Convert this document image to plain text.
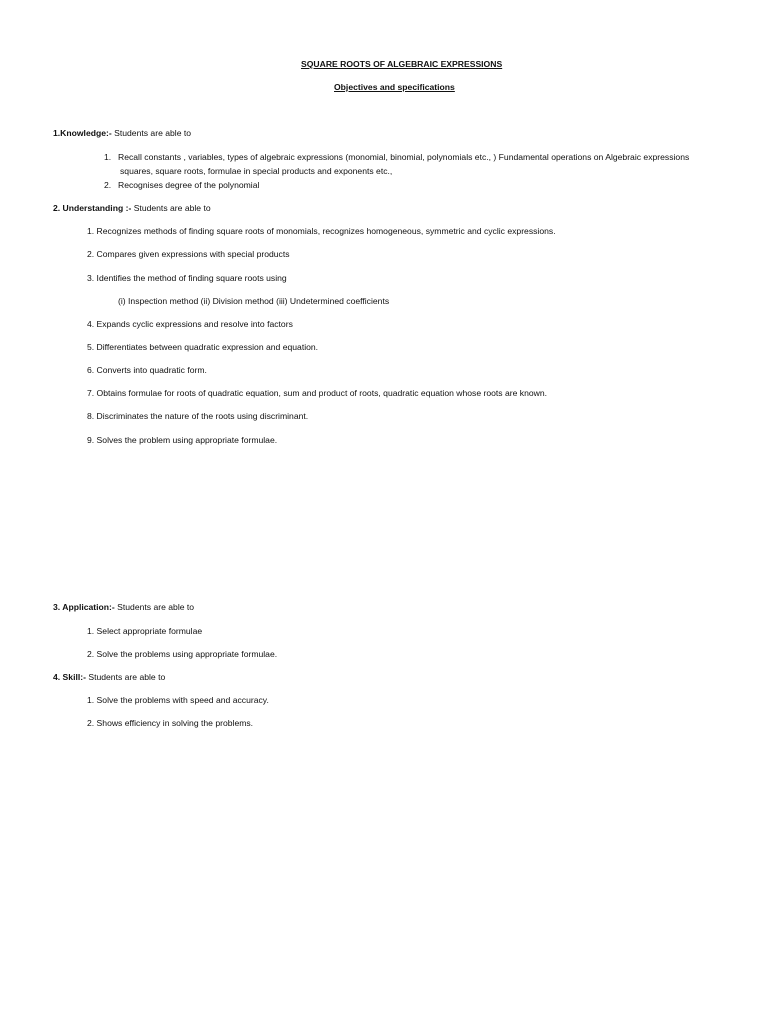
SQUARE ROOTS OF ALGEBRAIC EXPRESSIONS
Objectives and specifications
1.Knowledge:- Students are able to
1. Recall constants , variables, types of algebraic expressions (monomial, binomial, polynomials etc., ) Fundamental operations on Algebraic expressions
squares, square roots, formulae in special products and exponents etc.,
2. Recognises degree of the polynomial
2. Understanding :- Students are able to
1. Recognizes methods of finding square roots of monomials, recognizes homogeneous, symmetric and cyclic expressions.
2. Compares given expressions with special products
3. Identifies the method of finding square roots using
(i) Inspection method (ii) Division method (iii) Undetermined coefficients
4. Expands cyclic expressions and resolve into factors
5. Differentiates between quadratic expression and equation.
6. Converts into quadratic form.
7. Obtains formulae for roots of quadratic equation, sum and product of roots, quadratic equation whose roots are known.
8. Discriminates the nature of the roots using discriminant.
9. Solves the problem using appropriate formulae.
3. Application:- Students are able to
1. Select appropriate formulae
2. Solve the problems using appropriate formulae.
4. Skill:- Students are able to
1. Solve the problems with speed and accuracy.
2. Shows efficiency in solving the problems.
